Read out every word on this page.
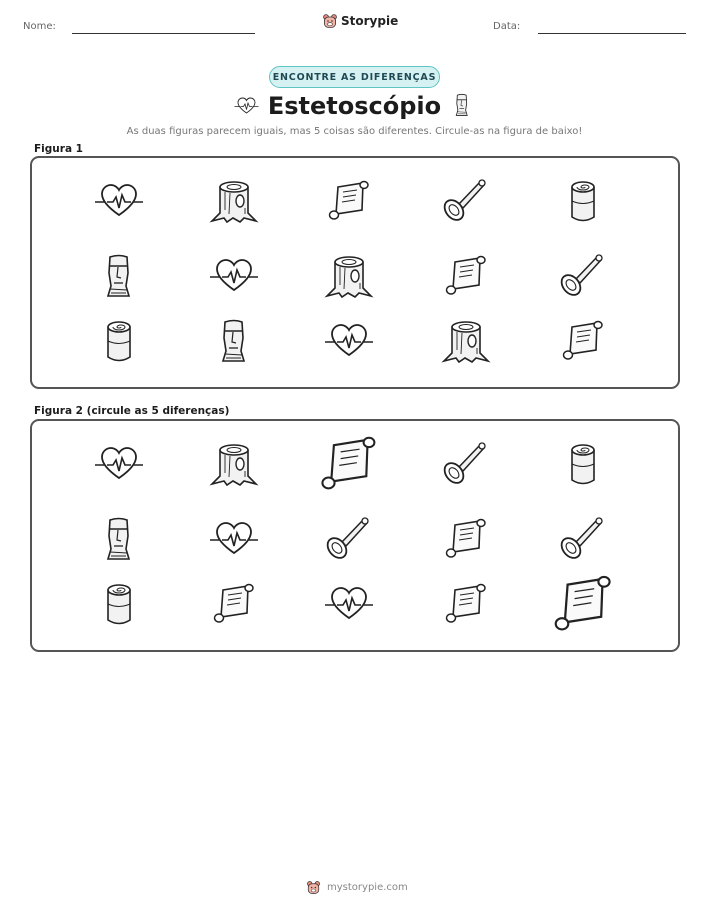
Nome:	Storypie	Data:
ENCONTRE AS DIFERENÇAS
Estetoscópio
As duas figuras parecem iguais, mas 5 coisas são diferentes. Circule-as na figura de baixo!
Figura 1
Figura 2 (circule as 5 diferenças)
mystorypie.com
